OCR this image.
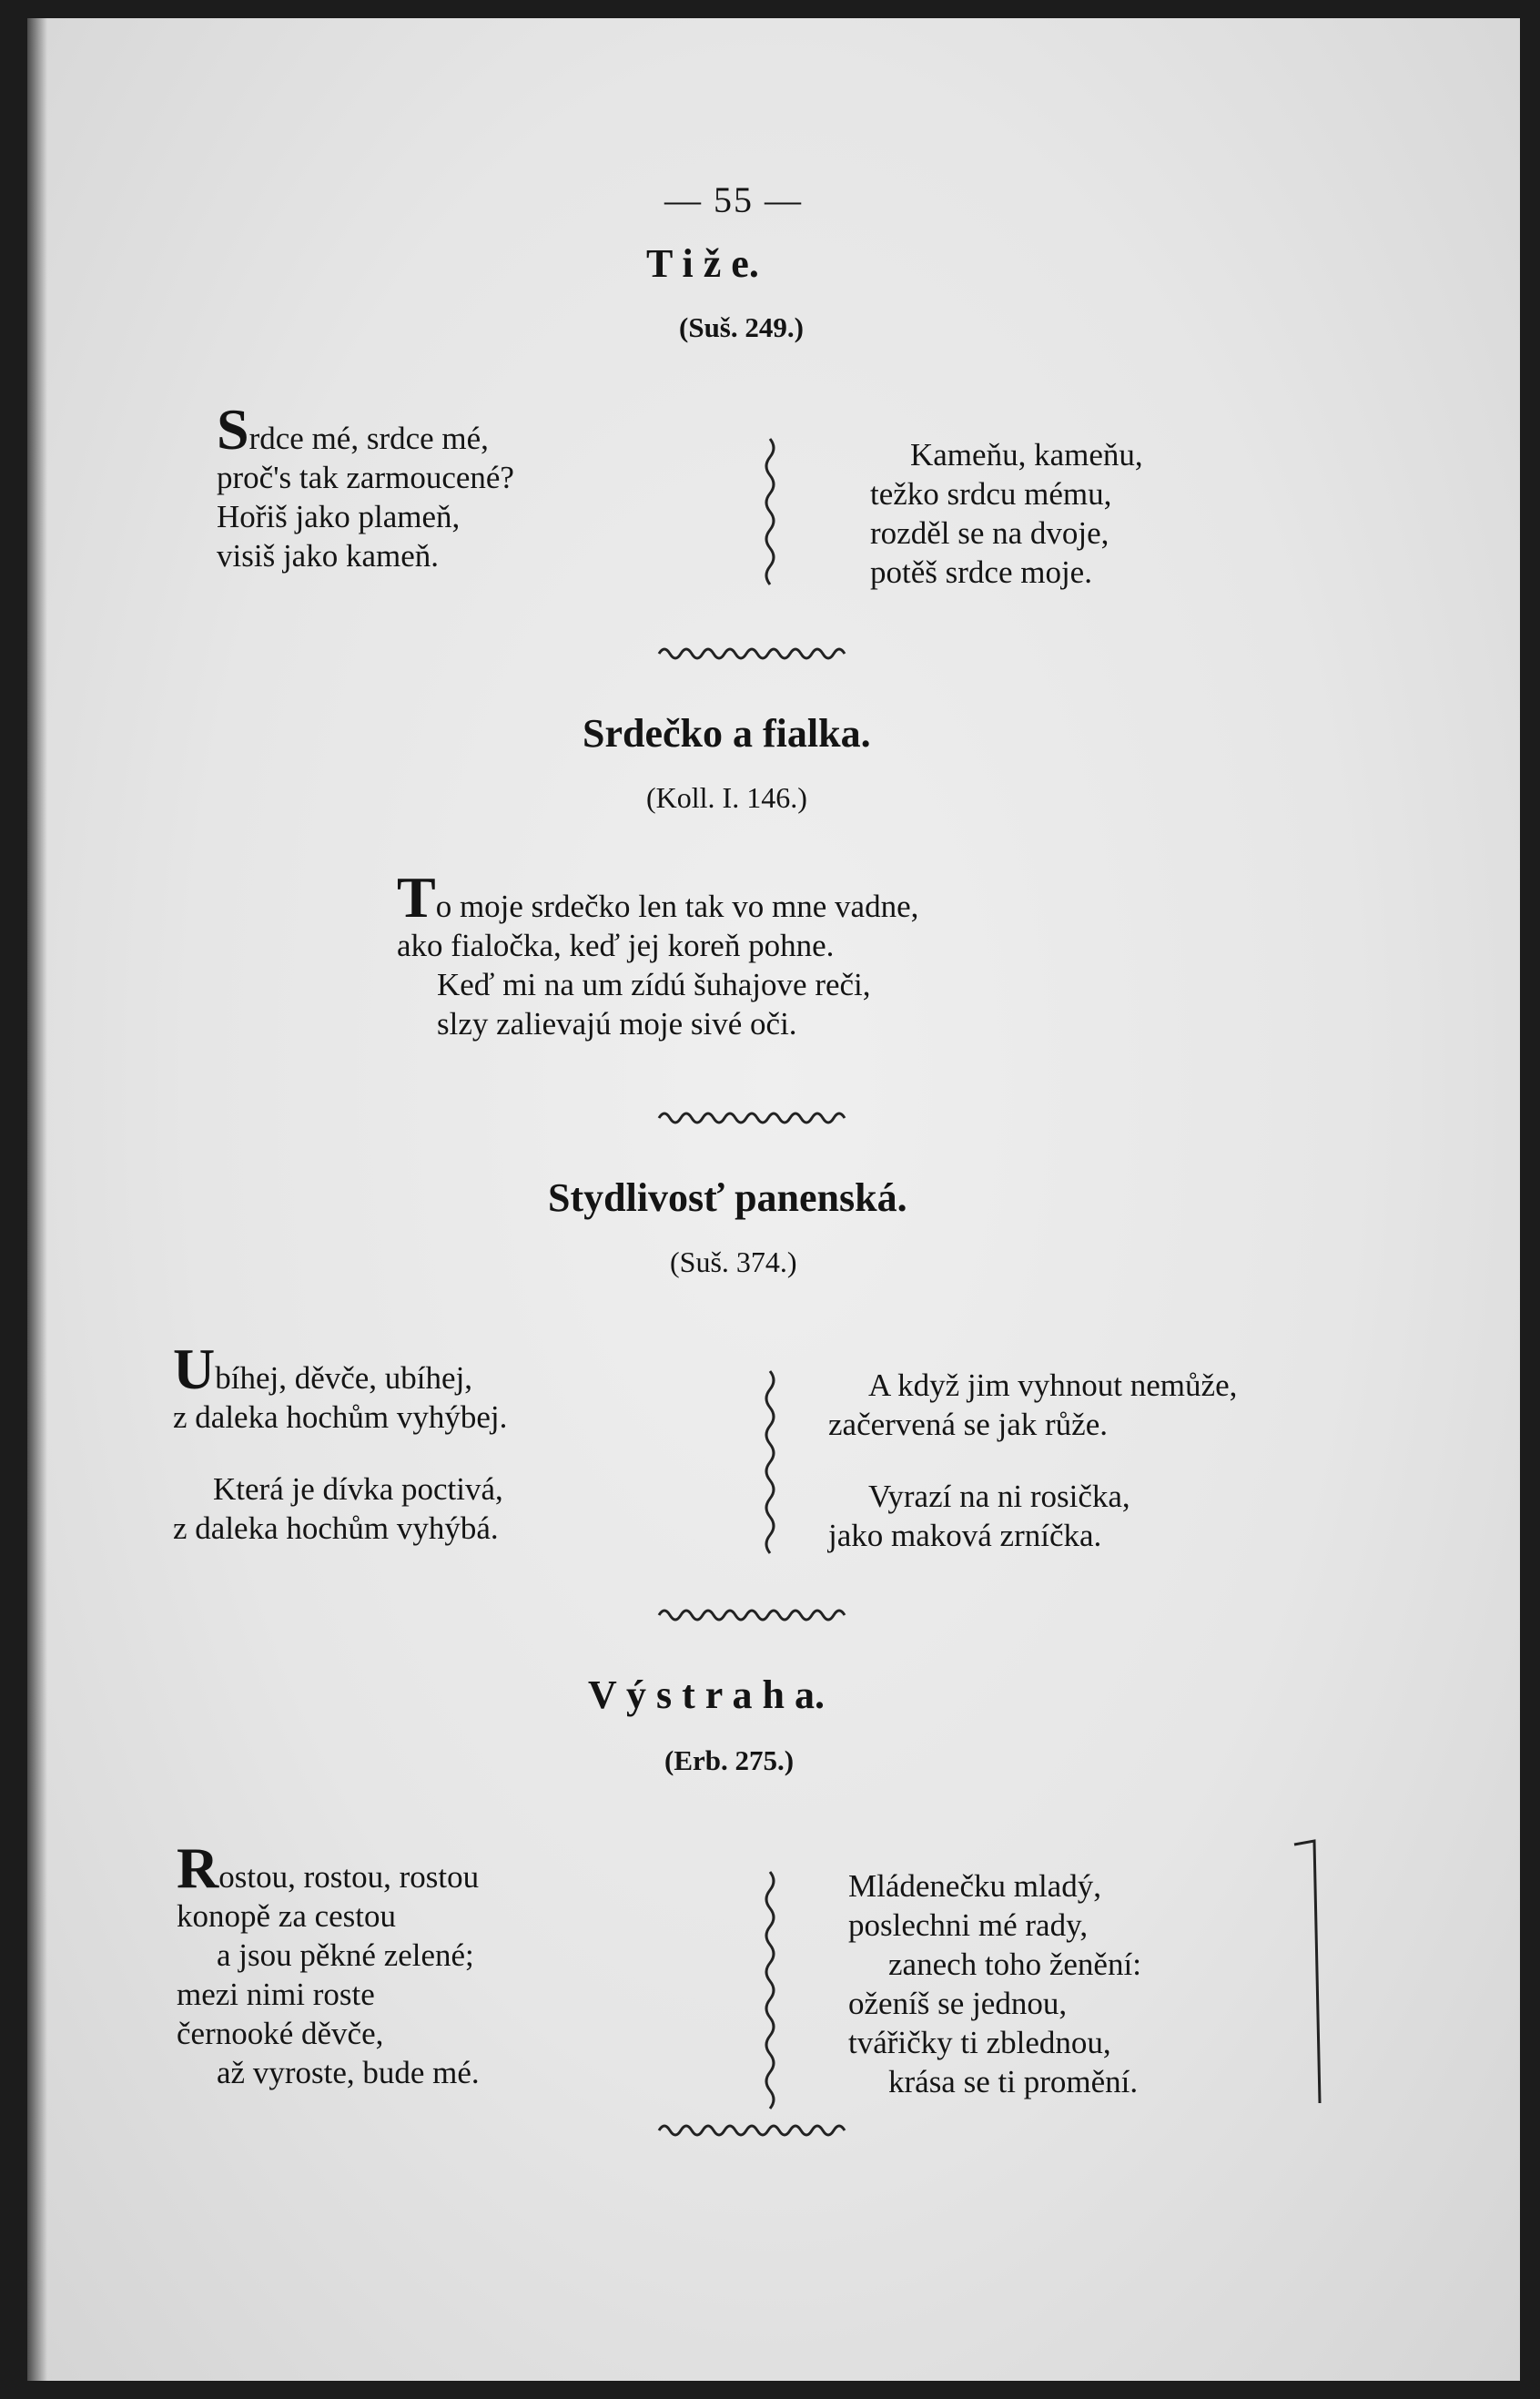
— 55 —
T i ž e.
(Suš. 249.)
Srdce mé, srdce mé,
proč's tak zarmoucené?
Hořiš jako plameň,
visiš jako kameň.
Kameňu, kameňu,
težko srdcu mému,
rozděl se na dvoje,
potěš srdce moje.
Srdečko a fialka.
(Koll. I. 146.)
To moje srdečko len tak vo mne vadne,
ako fialočka, keď jej koreň pohne.
Keď mi na um zídú šuhajove reči,
slzy zalievajú moje sivé oči.
Stydlivosť panenská.
(Suš. 374.)
Ubíhej, děvče, ubíhej,
z daleka hochům vyhýbej.
Která je dívka poctivá,
z daleka hochům vyhýbá.
A když jim vyhnout nemůže,
začervená se jak růže.
Vyrazí na ni rosička,
jako maková zrníčka.
V ý s t r a h a.
(Erb. 275.)
Rostou, rostou, rostou
konopě za cestou
a jsou pěkné zelené;
mezi nimi roste
černooké děvče,
až vyroste, bude mé.
Mládenečku mladý,
poslechni mé rady,
zanech toho ženění:
oženíš se jednou,
tvářičky ti zblednou,
krása se ti promění.
